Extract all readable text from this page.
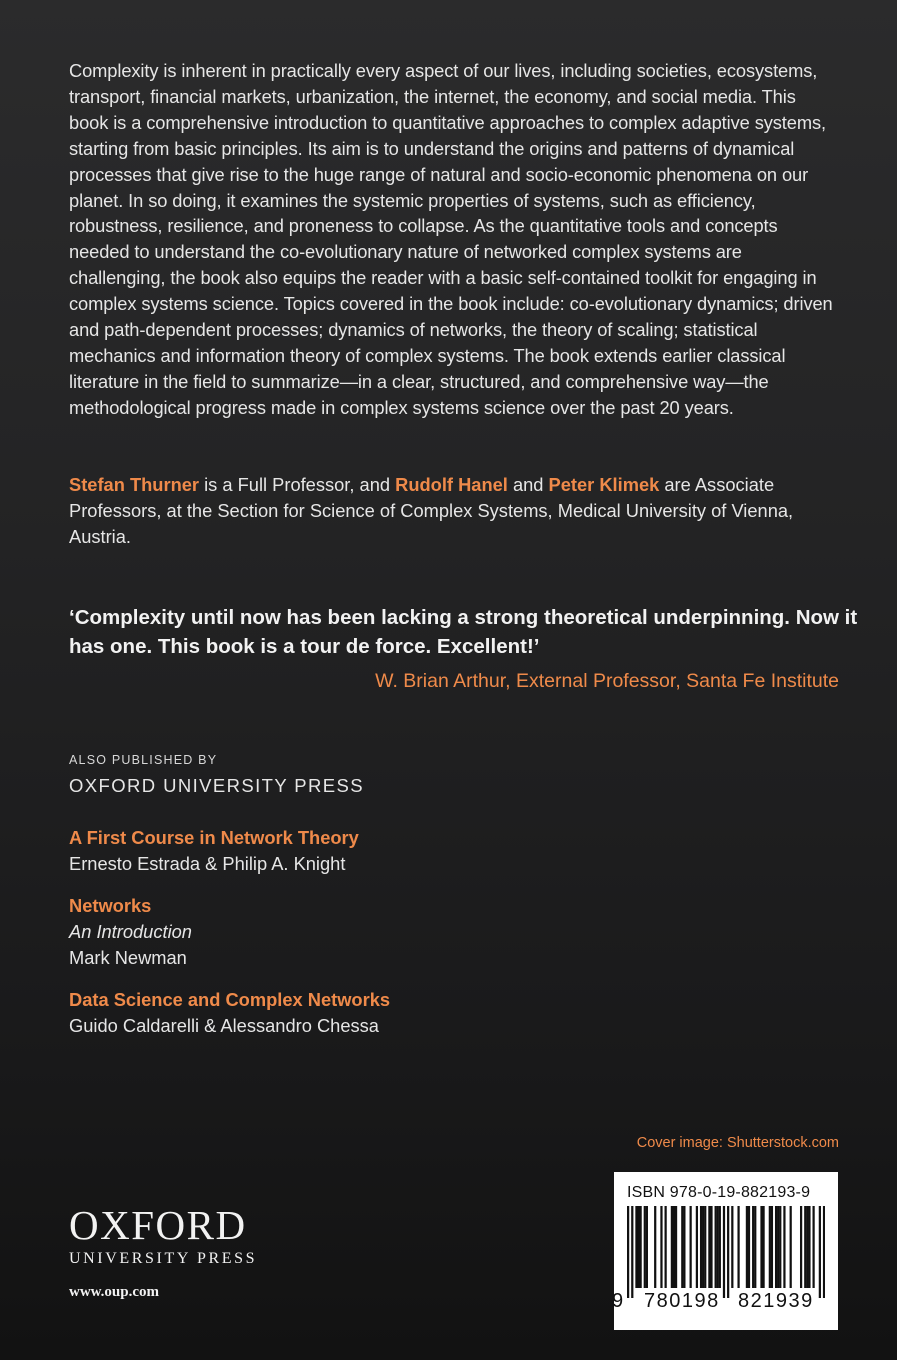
Complexity is inherent in practically every aspect of our lives, including societies, ecosystems, transport, financial markets, urbanization, the internet, the economy, and social media. This book is a comprehensive introduction to quantitative approaches to complex adaptive systems, starting from basic principles. Its aim is to understand the origins and patterns of dynamical processes that give rise to the huge range of natural and socio-economic phenomena on our planet. In so doing, it examines the systemic properties of systems, such as efficiency, robustness, resilience, and proneness to collapse. As the quantitative tools and concepts needed to understand the co-evolutionary nature of networked complex systems are challenging, the book also equips the reader with a basic self-contained toolkit for engaging in complex systems science. Topics covered in the book include: co-evolutionary dynamics; driven and path-dependent processes; dynamics of networks, the theory of scaling; statistical mechanics and information theory of complex systems. The book extends earlier classical literature in the field to summarize—in a clear, structured, and comprehensive way—the methodological progress made in complex systems science over the past 20 years.

Stefan Thurner is a Full Professor, and Rudolf Hanel and Peter Klimek are Associate Professors, at the Section for Science of Complex Systems, Medical University of Vienna, Austria.

‘Complexity until now has been lacking a strong theoretical underpinning. Now it has one. This book is a tour de force. Excellent!’

W. Brian Arthur, External Professor, Santa Fe Institute
ALSO PUBLISHED BY
OXFORD UNIVERSITY PRESS
A First Course in Network Theory
Ernesto Estrada & Philip A. Knight
Networks
An Introduction
Mark Newman
Data Science and Complex Networks
Guido Caldarelli & Alessandro Chessa
Cover image: Shutterstock.com
OXFORD
UNIVERSITY PRESS
www.oup.com
ISBN 978-0-19-882193-9
9 780198 821939
